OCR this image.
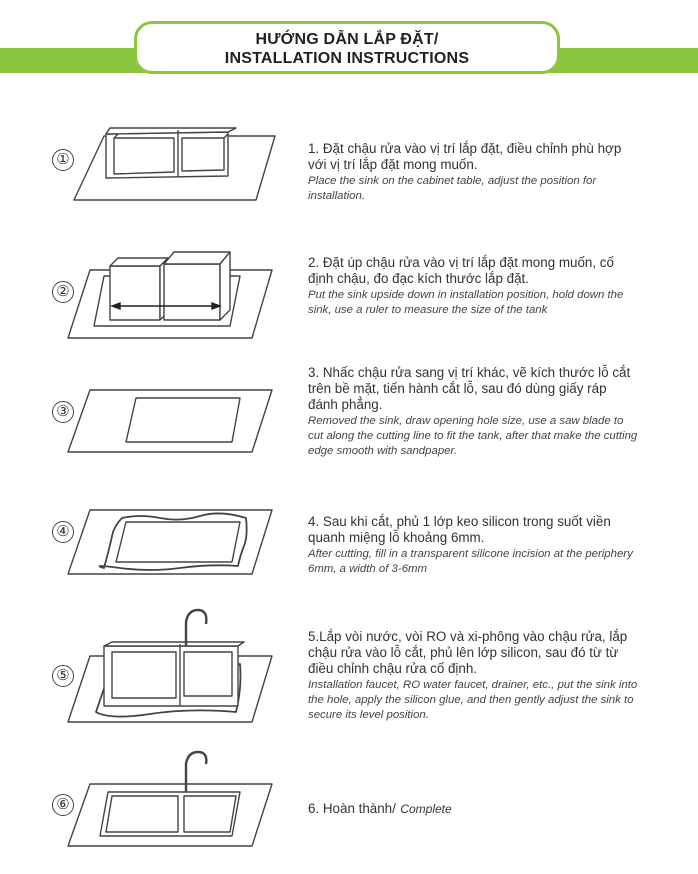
HƯỚNG DẪN LẮP ĐẶT/
INSTALLATION INSTRUCTIONS
①
1. Đặt chậu rửa vào vị trí lắp đặt, điều chỉnh phù hợp với vị trí lắp đặt mong muốn.
Place the sink on the cabinet table, adjust the position for installation.
②
2. Đặt úp chậu rửa vào vị trí lắp đặt mong muốn, cố định chậu, đo đạc kích thước lắp đặt.
Put the sink upside down in installation position, hold down the sink, use a ruler to measure the size of the tank
③
3. Nhấc chậu rửa sang vị trí khác, vẽ kích thước lỗ cắt trên bề mặt, tiến hành cắt lỗ, sau đó dùng giấy ráp đánh phẳng.
Removed the sink, draw opening hole size, use a saw blade to cut along the cutting line to fit the tank, after that make the cutting edge smooth with sandpaper.
④
4. Sau khi cắt, phủ 1 lớp keo silicon trong suốt viền quanh miệng lỗ khoảng 6mm.
After cutting, fill in a transparent silicone incision at the periphery 6mm, a width of 3-6mm
⑤
5.Lắp vòi nước, vòi RO và xi-phông vào chậu rửa, lắp chậu rửa vào lỗ cắt, phủ lên lớp silicon, sau đó từ từ điều chỉnh chậu rửa cố định.
Installation faucet, RO water faucet, drainer, etc., put the sink into the hole, apply the silicon glue, and then gently adjust the sink to secure its level position.
⑥	6. Hoàn thành/ Complete
